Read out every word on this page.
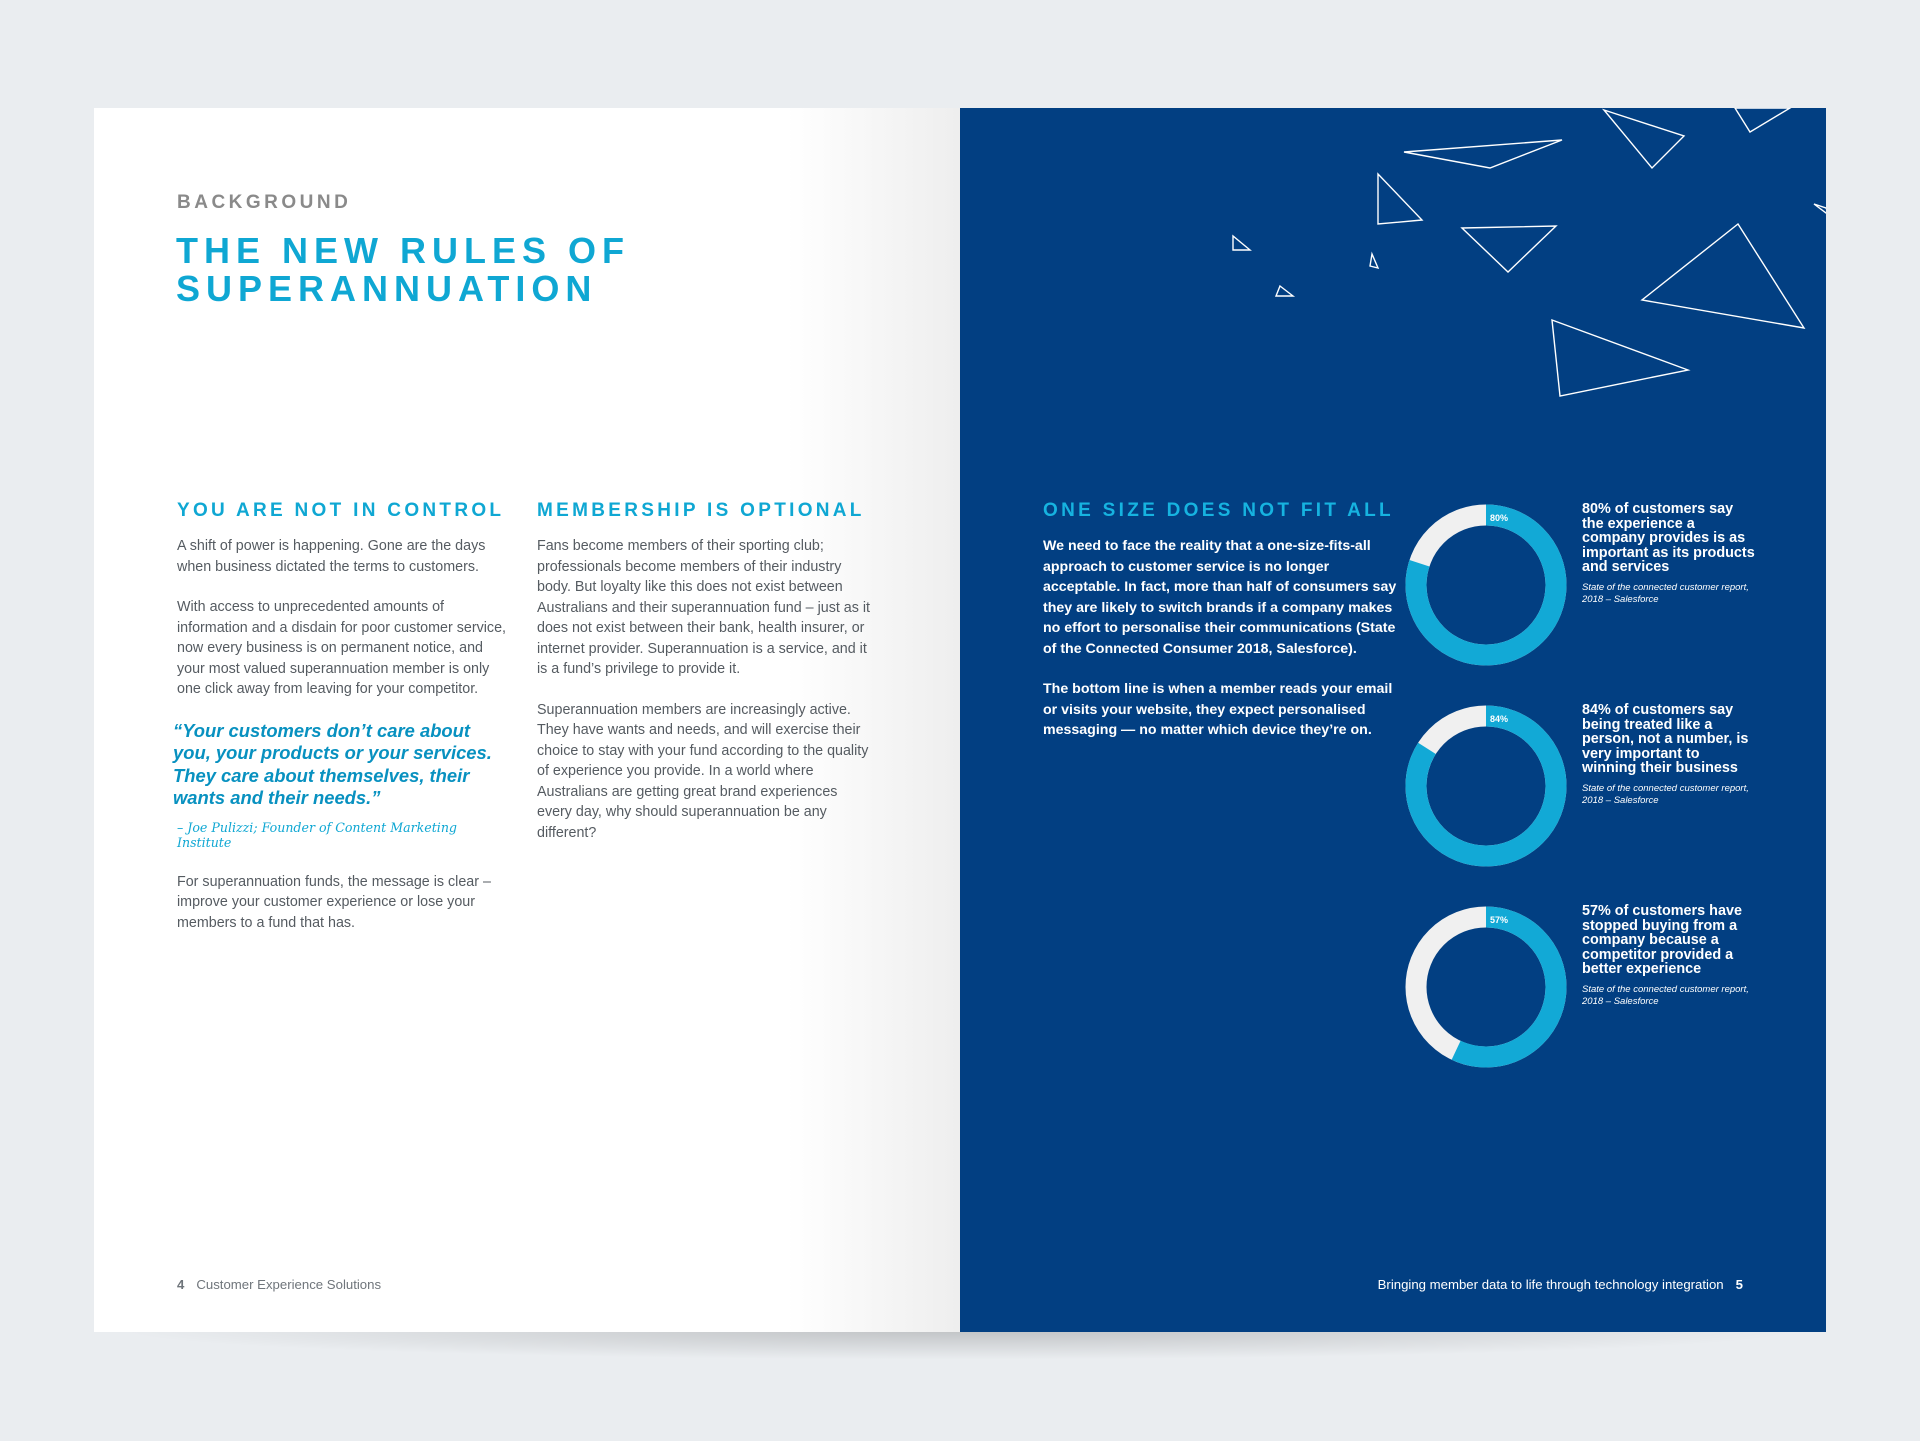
BACKGROUND
THE NEW RULES OF SUPERANNUATION
YOU ARE NOT IN CONTROL

A shift of power is happening. Gone are the days when business dictated the terms to customers.

With access to unprecedented amounts of information and a disdain for poor customer service, now every business is on permanent notice, and your most valued superannuation member is only one click away from leaving for your competitor.

“Your customers don’t care about you, your products or your services. They care about themselves, their wants and their needs.”
– Joe Pulizzi; Founder of Content Marketing Institute

For superannuation funds, the message is clear – improve your customer experience or lose your members to a fund that has.

MEMBERSHIP IS OPTIONAL

Fans become members of their sporting club; professionals become members of their industry body. But loyalty like this does not exist between Australians and their superannuation fund – just as it does not exist between their bank, health insurer, or internet provider. Superannuation is a service, and it is a fund’s privilege to provide it.

Superannuation members are increasingly active. They have wants and needs, and will exercise their choice to stay with your fund according to the quality of experience you provide. In a world where Australians are getting great brand experiences every day, why should superannuation be any different?

4 Customer Experience Solutions
ONE SIZE DOES NOT FIT ALL

We need to face the reality that a one-size-fits-all approach to customer service is no longer acceptable. In fact, more than half of consumers say they are likely to switch brands if a company makes no effort to personalise their communications (State of the Connected Consumer 2018, Salesforce).

The bottom line is when a member reads your email or visits your website, they expect personalised messaging — no matter which device they’re on.

80%
80% of customers say the experience a company provides is as important as its products and services
State of the connected customer report, 2018 – Salesforce
84%
84% of customers say being treated like a person, not a number, is very important to winning their business
State of the connected customer report, 2018 – Salesforce
57%
57% of customers have stopped buying from a company because a competitor provided a better experience
State of the connected customer report, 2018 – Salesforce
Bringing member data to life through technology integration 5
